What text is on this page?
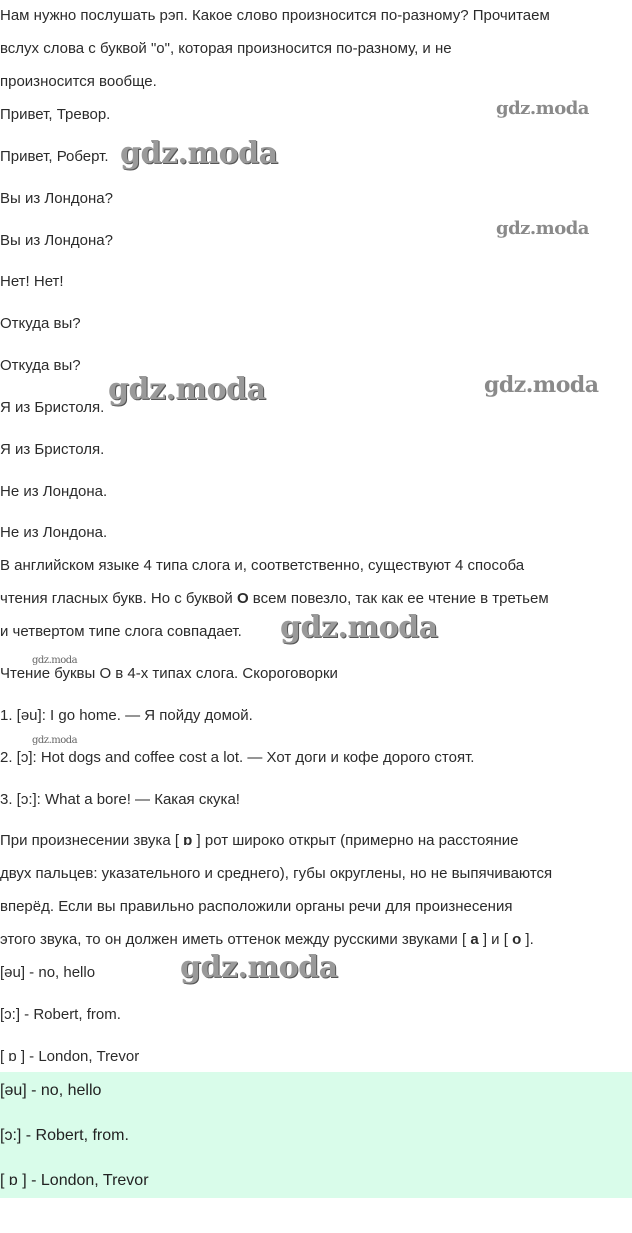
Нам нужно послушать рэп. Какое слово произносится по-разному? Прочитаем
вслух слова с буквой "о", которая произносится по-разному, и не
произносится вообще.
Привет, Тревор.
Привет, Роберт.
Вы из Лондона?
Вы из Лондона?
Нет! Нет!
Откуда вы?
Откуда вы?
Я из Бристоля.
Я из Бристоля.
Не из Лондона.
Не из Лондона.
В английском языке 4 типа слога и, соответственно, существуют 4 способа
чтения гласных букв. Но с буквой O всем повезло, так как ее чтение в третьем
и четвертом типе слога совпадает.
Чтение буквы O в 4-х типах слога. Скороговорки
1. [əu]: I go home. — Я пойду домой.
2. [ɔ]: Hot dogs and coffee cost a lot. — Хот доги и кофе дорого стоят.
3. [ɔ:]: What a bore! — Какая скука!
При произнесении звука [ ɒ ] рот широко открыт (примерно на расстояние
двух пальцев: указательного и среднего), губы округлены, но не выпячиваются
вперёд. Если вы правильно расположили органы речи для произнесения
этого звука, то он должен иметь оттенок между русскими звуками [ а ] и [ о ].
[əu] - no, hello
[ɔ:] - Robert, from.
[ ɒ ] - London, Trevor
[əu] - no, hello
[ɔ:] - Robert, from.
[ ɒ ] - London, Trevor
gdz.moda
gdz.moda
gdz.moda
gdz.moda	gdz.moda
gdz.moda
gdz.moda
gdz.moda
gdz.moda
